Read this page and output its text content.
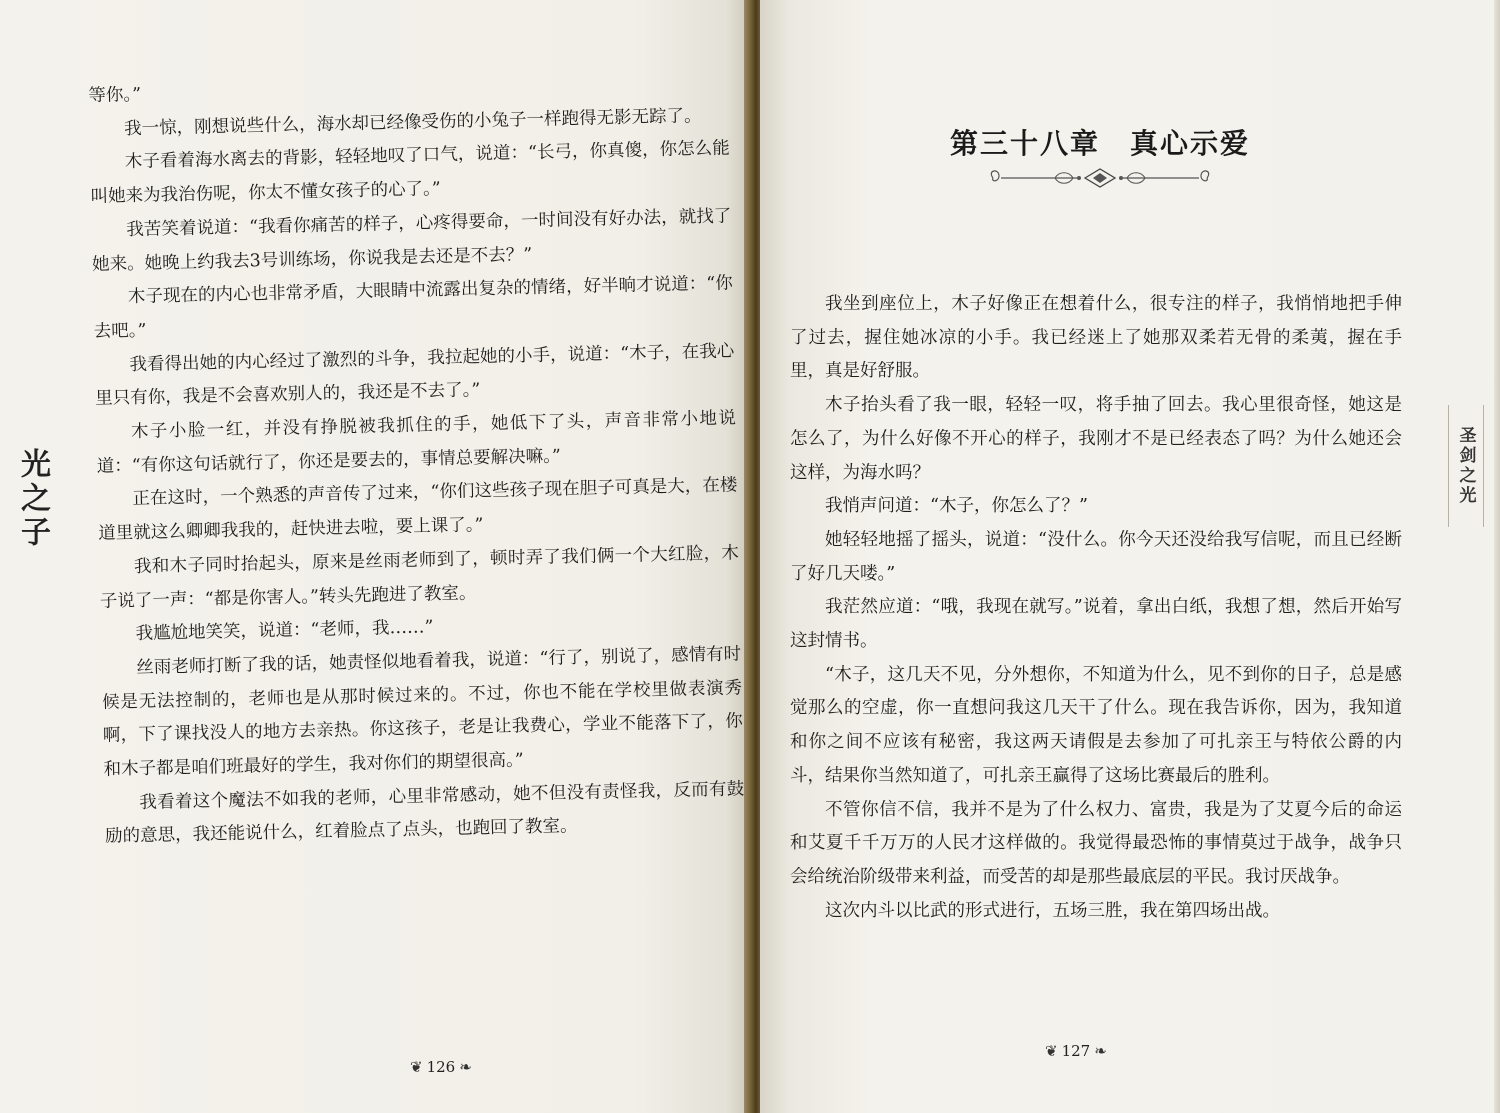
光之子

等你。”

我一惊，刚想说些什么，海水却已经像受伤的小兔子一样跑得无影无踪了。

木子看着海水离去的背影，轻轻地叹了口气，说道：“长弓，你真傻，你怎么能叫她来为我治伤呢，你太不懂女孩子的心了。”

我苦笑着说道：“我看你痛苦的样子，心疼得要命，一时间没有好办法，就找了她来。她晚上约我去3号训练场，你说我是去还是不去？”

木子现在的内心也非常矛盾，大眼睛中流露出复杂的情绪，好半晌才说道：“你去吧。”

我看得出她的内心经过了激烈的斗争，我拉起她的小手，说道：“木子，在我心里只有你，我是不会喜欢别人的，我还是不去了。”

木子小脸一红，并没有挣脱被我抓住的手，她低下了头，声音非常小地说道：“有你这句话就行了，你还是要去的，事情总要解决嘛。”

正在这时，一个熟悉的声音传了过来，“你们这些孩子现在胆子可真是大，在楼道里就这么卿卿我我的，赶快进去啦，要上课了。”

我和木子同时抬起头，原来是丝雨老师到了，顿时弄了我们俩一个大红脸，木子说了一声：“都是你害人。”转头先跑进了教室。

我尴尬地笑笑，说道：“老师，我……”

丝雨老师打断了我的话，她责怪似地看着我，说道：“行了，别说了，感情有时候是无法控制的，老师也是从那时候过来的。不过，你也不能在学校里做表演秀啊，下了课找没人的地方去亲热。你这孩子，老是让我费心，学业不能落下了，你和木子都是咱们班最好的学生，我对你们的期望很高。”

我看着这个魔法不如我的老师，心里非常感动，她不但没有责怪我，反而有鼓励的意思，我还能说什么，红着脸点了点头，也跑回了教室。

❦ 126 ❧
第三十八章　真心示爱

我坐到座位上，木子好像正在想着什么，很专注的样子，我悄悄地把手伸了过去，握住她冰凉的小手。我已经迷上了她那双柔若无骨的柔荑，握在手里，真是好舒服。

木子抬头看了我一眼，轻轻一叹，将手抽了回去。我心里很奇怪，她这是怎么了，为什么好像不开心的样子，我刚才不是已经表态了吗？为什么她还会这样，为海水吗？

我悄声问道：“木子，你怎么了？”

她轻轻地摇了摇头，说道：“没什么。你今天还没给我写信呢，而且已经断了好几天喽。”

我茫然应道：“哦，我现在就写。”说着，拿出白纸，我想了想，然后开始写这封情书。

“木子，这几天不见，分外想你，不知道为什么，见不到你的日子，总是感觉那么的空虚，你一直想问我这几天干了什么。现在我告诉你，因为，我知道和你之间不应该有秘密，我这两天请假是去参加了可扎亲王与特依公爵的内斗，结果你当然知道了，可扎亲王赢得了这场比赛最后的胜利。

不管你信不信，我并不是为了什么权力、富贵，我是为了艾夏今后的命运和艾夏千千万万的人民才这样做的。我觉得最恐怖的事情莫过于战争，战争只会给统治阶级带来利益，而受苦的却是那些最底层的平民。我讨厌战争。

这次内斗以比武的形式进行，五场三胜，我在第四场出战。

圣剑之光
❦ 127 ❧
